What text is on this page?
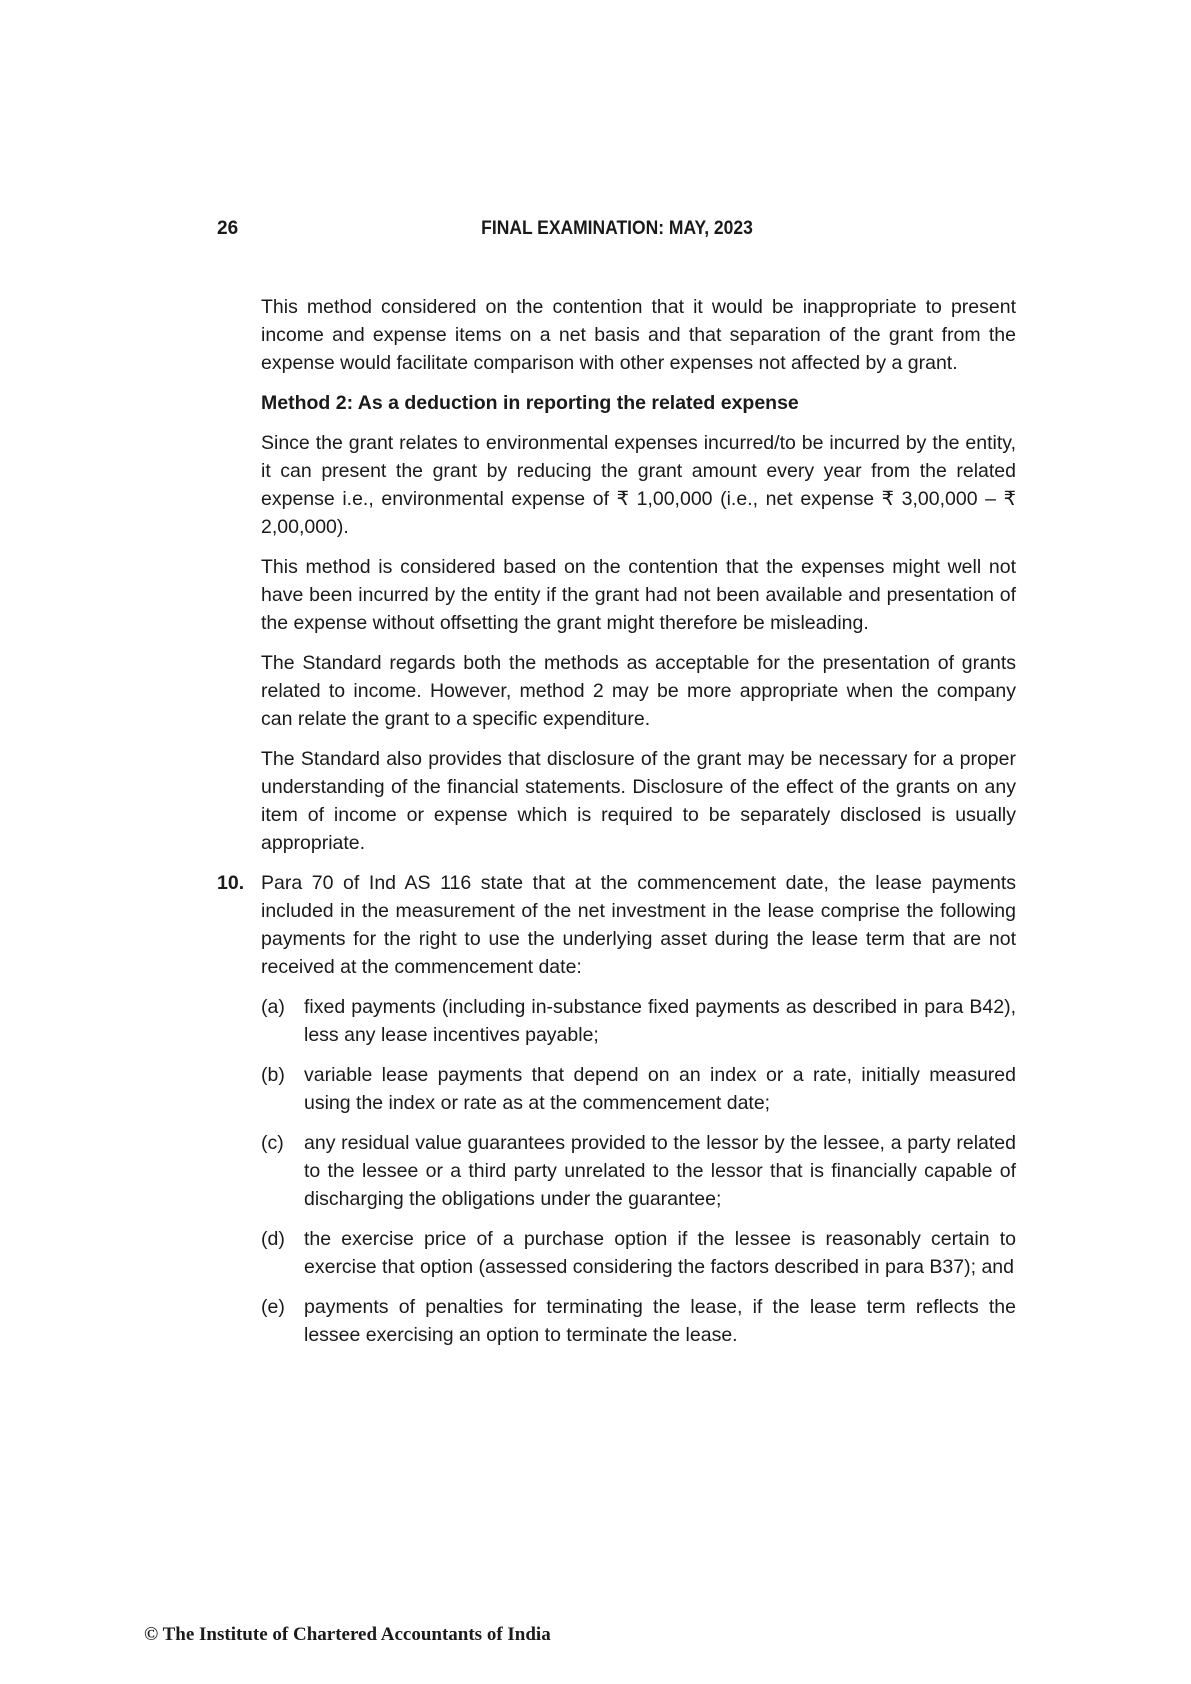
26	FINAL EXAMINATION: MAY, 2023

This method considered on the contention that it would be inappropriate to present income and expense items on a net basis and that separation of the grant from the expense would facilitate comparison with other expenses not affected by a grant.

Method 2: As a deduction in reporting the related expense

Since the grant relates to environmental expenses incurred/to be incurred by the entity, it can present the grant by reducing the grant amount every year from the related expense i.e., environmental expense of ₹ 1,00,000 (i.e., net expense ₹ 3,00,000 – ₹ 2,00,000).

This method is considered based on the contention that the expenses might well not have been incurred by the entity if the grant had not been available and presentation of the expense without offsetting the grant might therefore be misleading.

The Standard regards both the methods as acceptable for the presentation of grants related to income. However, method 2 may be more appropriate when the company can relate the grant to a specific expenditure.

The Standard also provides that disclosure of the grant may be necessary for a proper understanding of the financial statements. Disclosure of the effect of the grants on any item of income or expense which is required to be separately disclosed is usually appropriate.

10. Para 70 of Ind AS 116 state that at the commencement date, the lease payments included in the measurement of the net investment in the lease comprise the following payments for the right to use the underlying asset during the lease term that are not received at the commencement date:

(a) fixed payments (including in-substance fixed payments as described in para B42), less any lease incentives payable;
(b) variable lease payments that depend on an index or a rate, initially measured using the index or rate as at the commencement date;
(c) any residual value guarantees provided to the lessor by the lessee, a party related to the lessee or a third party unrelated to the lessor that is financially capable of discharging the obligations under the guarantee;
(d) the exercise price of a purchase option if the lessee is reasonably certain to exercise that option (assessed considering the factors described in para B37); and
(e) payments of penalties for terminating the lease, if the lease term reflects the lessee exercising an option to terminate the lease.
© The Institute of Chartered Accountants of India
